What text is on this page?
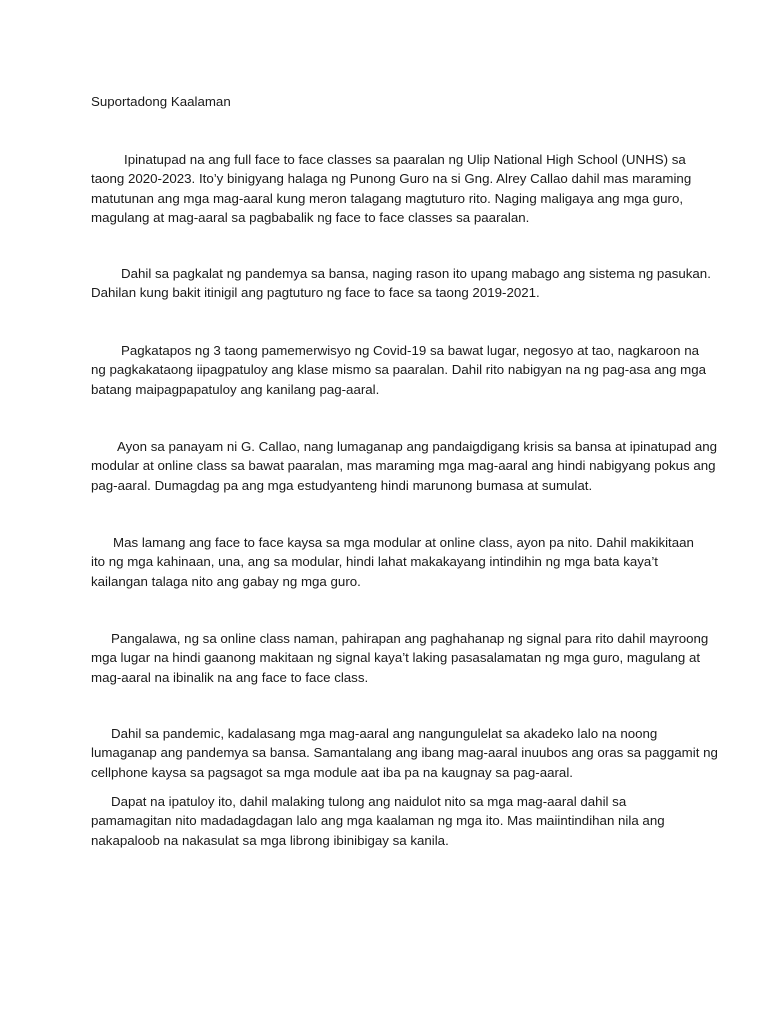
Suportadong Kaalaman

Ipinatupad na ang full face to face classes sa paaralan ng Ulip National High School (UNHS) sa
taong 2020-2023. Ito’y binigyang halaga ng Punong Guro na si Gng. Alrey Callao dahil mas maraming
matutunan ang mga mag-aaral kung meron talagang magtuturo rito. Naging maligaya ang mga guro,
magulang at mag-aaral sa pagbabalik ng face to face classes sa paaralan.
Dahil sa pagkalat ng pandemya sa bansa, naging rason ito upang mabago ang sistema ng pasukan.
Dahilan kung bakit itinigil ang pagtuturo ng face to face sa taong 2019-2021.
Pagkatapos ng 3 taong pamemerwisyo ng Covid-19 sa bawat lugar, negosyo at tao, nagkaroon na
ng pagkakataong iipagpatuloy ang klase mismo sa paaralan. Dahil rito nabigyan na ng pag-asa ang mga
batang maipagpapatuloy ang kanilang pag-aaral.
Ayon sa panayam ni G. Callao, nang lumaganap ang pandaigdigang krisis sa bansa at ipinatupad ang
modular at online class sa bawat paaralan, mas maraming mga mag-aaral ang hindi nabigyang pokus ang
pag-aaral. Dumagdag pa ang mga estudyanteng hindi marunong bumasa at sumulat.
Mas lamang ang face to face kaysa sa mga modular at online class, ayon pa nito. Dahil makikitaan
ito ng mga kahinaan, una, ang sa modular, hindi lahat makakayang intindihin ng mga bata kaya’t
kailangan talaga nito ang gabay ng mga guro.
Pangalawa, ng sa online class naman, pahirapan ang paghahanap ng signal para rito dahil mayroong
mga lugar na hindi gaanong makitaan ng signal kaya’t laking pasasalamatan ng mga guro, magulang at
mag-aaral na ibinalik na ang face to face class.
Dahil sa pandemic, kadalasang mga mag-aaral ang nangungulelat sa akadeko lalo na noong
lumaganap ang pandemya sa bansa. Samantalang ang ibang mag-aaral inuubos ang oras sa paggamit ng
cellphone kaysa sa pagsagot sa mga module aat iba pa na kaugnay sa pag-aaral.
Dapat na ipatuloy ito, dahil malaking tulong ang naidulot nito sa mga mag-aaral dahil sa
pamamagitan nito madadagdagan lalo ang mga kaalaman ng mga ito. Mas maiintindihan nila ang
nakapaloob na nakasulat sa mga librong ibinibigay sa kanila.
